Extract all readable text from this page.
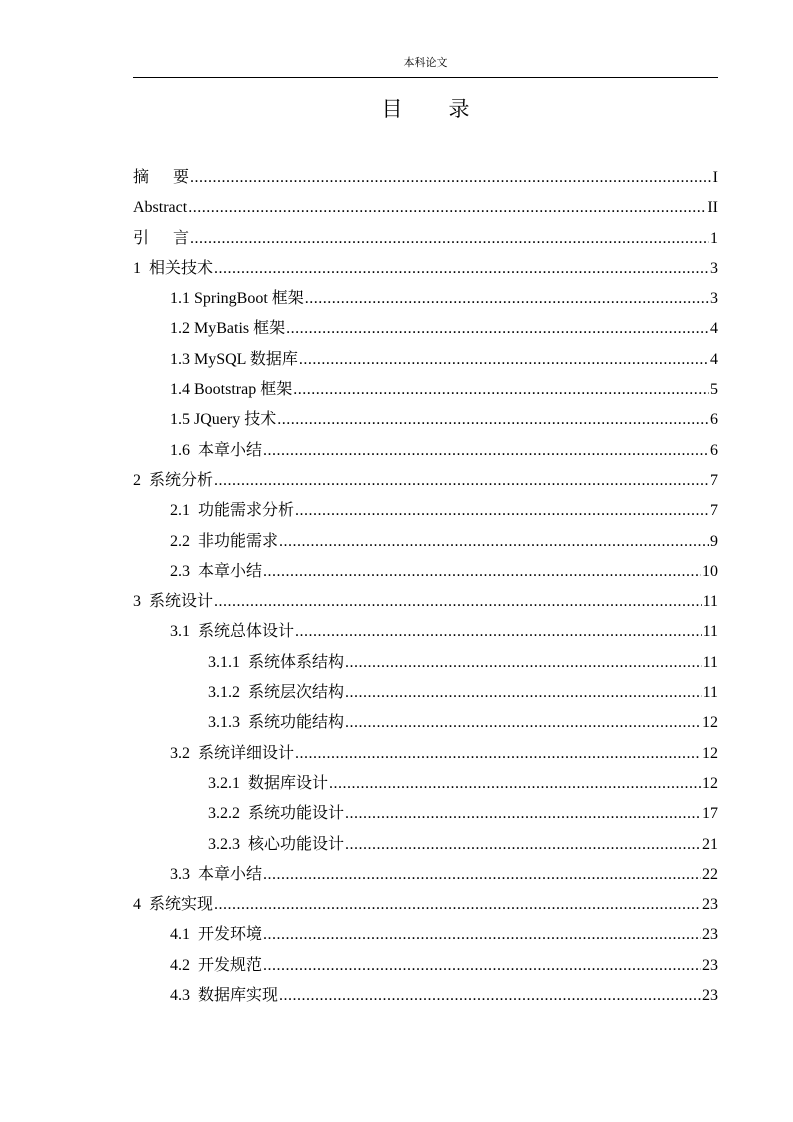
本科论文
目 录
摘      要 .....	I
Abstract .....	II
引      言 .....	1
1  相关技术 .....	3
1.1 SpringBoot 框架 .....	3
1.2 MyBatis 框架 .....	4
1.3 MySQL 数据库 .....	4
1.4 Bootstrap 框架 .....	5
1.5 JQuery 技术 .....	6
1.6  本章小结 .....	6
2  系统分析 .....	7
2.1  功能需求分析 .....	7
2.2  非功能需求 .....	9
2.3  本章小结 .....	10
3  系统设计 .....	11
3.1  系统总体设计 .....	11
3.1.1  系统体系结构 .....	11
3.1.2  系统层次结构 .....	11
3.1.3  系统功能结构 .....	12
3.2  系统详细设计 .....	12
3.2.1  数据库设计 .....	12
3.2.2  系统功能设计 .....	17
3.2.3  核心功能设计 .....	21
3.3  本章小结 .....	22
4  系统实现 .....	23
4.1  开发环境 .....	23
4.2  开发规范 .....	23
4.3  数据库实现 .....	23
